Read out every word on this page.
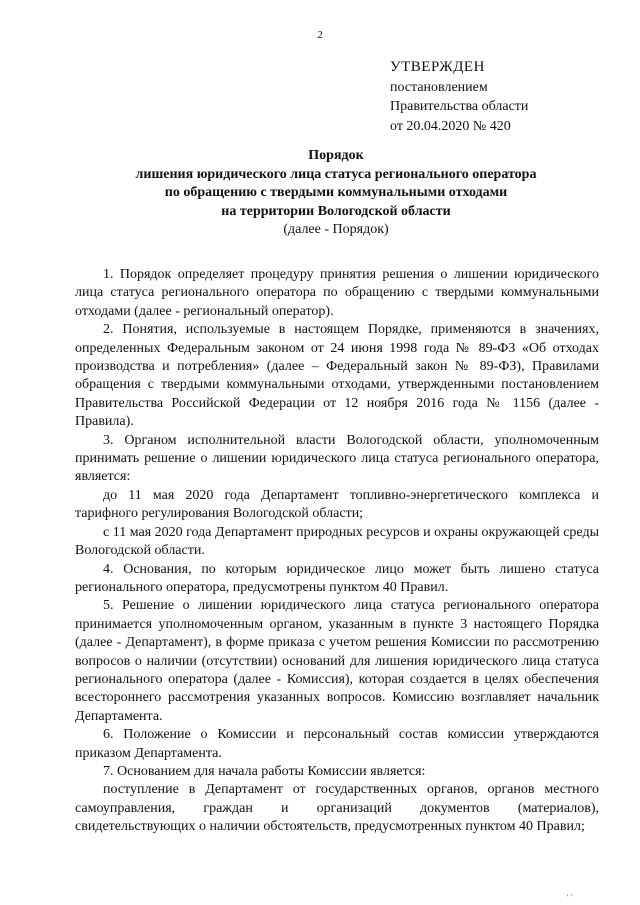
2
УТВЕРЖДЕН
постановлением
Правительства области
от 20.04.2020 № 420
Порядок
лишения юридического лица статуса регионального оператора
по обращению с твердыми коммунальными отходами
на территории Вологодской области
(далее - Порядок)

1. Порядок определяет процедуру принятия решения о лишении юридического лица статуса регионального оператора по обращению с твердыми коммунальными отходами (далее - региональный оператор).

2. Понятия, используемые в настоящем Порядке, применяются в значениях, определенных Федеральным законом от 24 июня 1998 года № 89-ФЗ «Об отходах производства и потребления» (далее – Федеральный закон № 89-ФЗ), Правилами обращения с твердыми коммунальными отходами, утвержденными постановлением Правительства Российской Федерации от 12 ноября 2016 года № 1156 (далее - Правила).

3. Органом исполнительной власти Вологодской области, уполномоченным принимать решение о лишении юридического лица статуса регионального оператора, является:

до 11 мая 2020 года Департамент топливно-энергетического комплекса и тарифного регулирования Вологодской области;

с 11 мая 2020 года Департамент природных ресурсов и охраны окружающей среды Вологодской области.

4. Основания, по которым юридическое лицо может быть лишено статуса регионального оператора, предусмотрены пунктом 40 Правил.

5. Решение о лишении юридического лица статуса регионального оператора принимается уполномоченным органом, указанным в пункте 3 настоящего Порядка (далее - Департамент), в форме приказа с учетом решения Комиссии по рассмотрению вопросов о наличии (отсутствии) оснований для лишения юридического лица статуса регионального оператора (далее - Комиссия), которая создается в целях обеспечения всестороннего рассмотрения указанных вопросов. Комиссию возглавляет начальник Департамента.

6. Положение о Комиссии и персональный состав комиссии утверждаются приказом Департамента.

7. Основанием для начала работы Комиссии является:

поступление в Департамент от государственных органов, органов местного самоуправления, граждан и организаций документов (материалов), свидетельствующих о наличии обстоятельств, предусмотренных пунктом 40 Правил;

' '
